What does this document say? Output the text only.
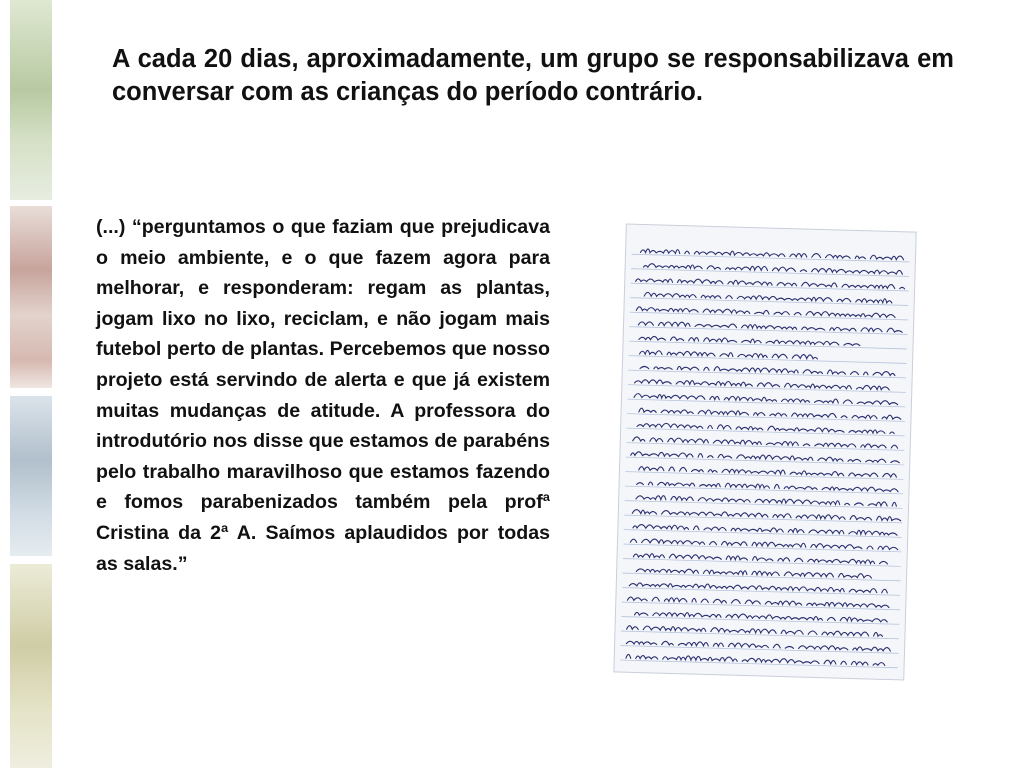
A cada 20 dias, aproximadamente, um grupo se responsabilizava em conversar com as crianças do período contrário.

(...) “perguntamos o que faziam que prejudicava o meio ambiente, e o que fazem agora para melhorar, e responderam: regam as plantas, jogam lixo no lixo, reciclam, e não jogam mais futebol perto de plantas. Percebemos que nosso projeto está servindo de alerta e que já existem muitas mudanças de atitude. A professora do introdutório nos disse que estamos de parabéns pelo trabalho maravilhoso que estamos fazendo e fomos parabenizados também pela profª Cristina da 2ª A. Saímos aplaudidos por todas as salas.”
